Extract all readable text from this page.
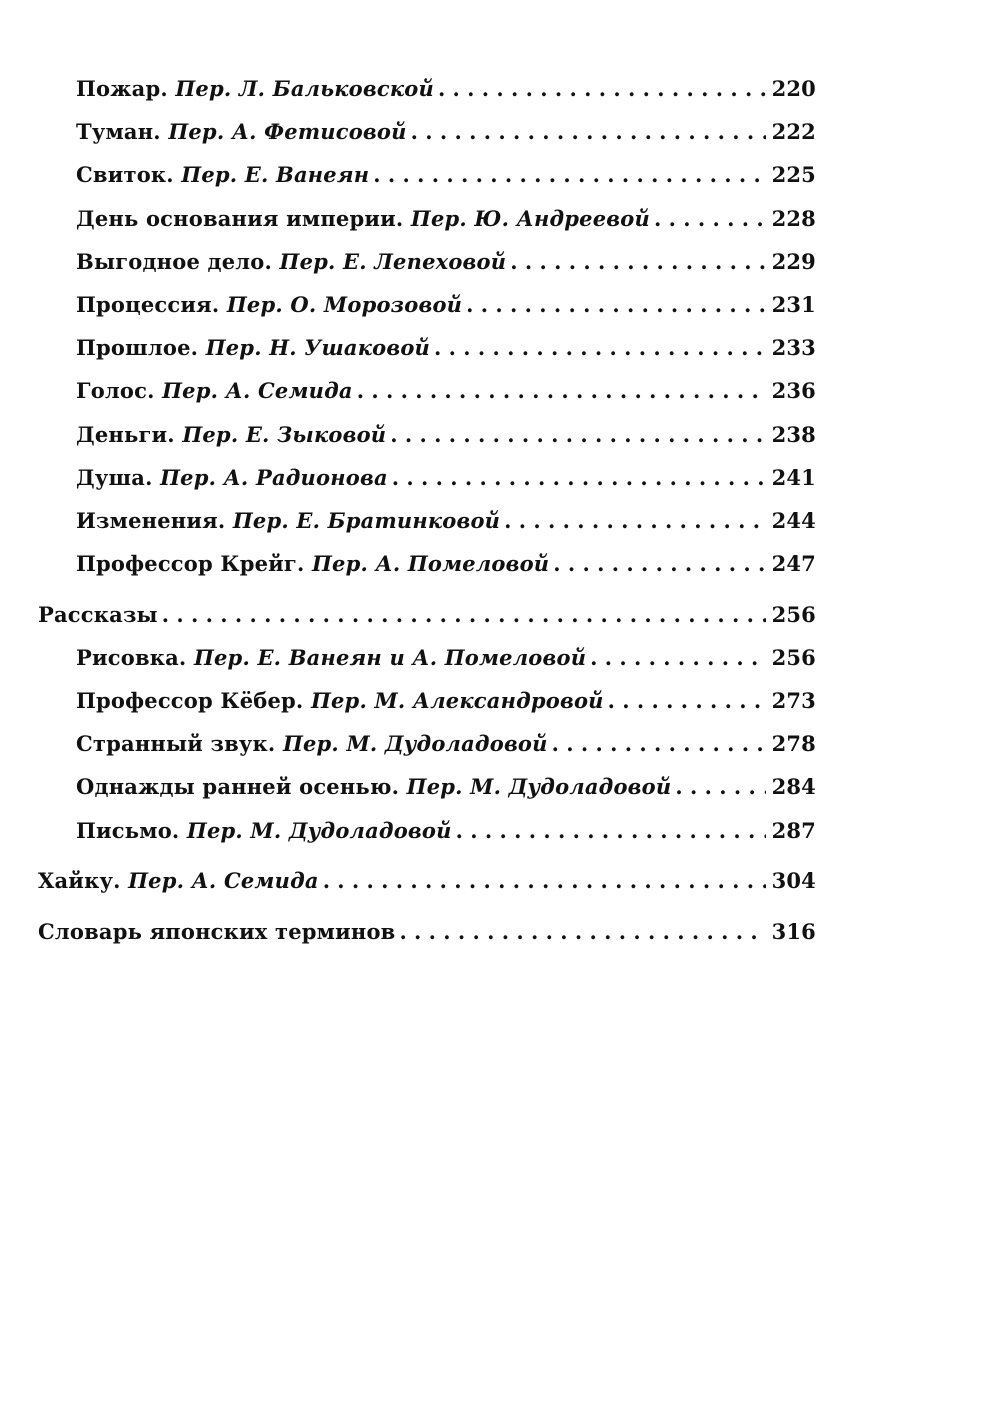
Пожар. Пер. Л. Бальковской . . .	220
Туман. Пер. А. Фетисовой . . .	222
Свиток. Пер. Е. Ванеян . . .	225
День основания империи. Пер. Ю. Андреевой . . .	228
Выгодное дело. Пер. Е. Лепеховой . . .	229
Процессия. Пер. О. Морозовой . . .	231
Прошлое. Пер. Н. Ушаковой . . .	233
Голос. Пер. А. Семида . . .	236
Деньги. Пер. Е. Зыковой . . .	238
Душа. Пер. А. Радионова . . .	241
Изменения. Пер. Е. Братинковой . . .	244
Профессор Крейг. Пер. А. Помеловой . . .	247
Рассказы . . .	256
Рисовка. Пер. Е. Ванеян и А. Помеловой . . .	256
Профессор Кёбер. Пер. М. Александровой . . .	273
Странный звук. Пер. М. Дудоладовой . . .	278
Однажды ранней осенью. Пер. М. Дудоладовой . . .	284
Письмо. Пер. М. Дудоладовой . . .	287
Хайку. Пер. А. Семида . . .	304
Словарь японских терминов . . .	316
